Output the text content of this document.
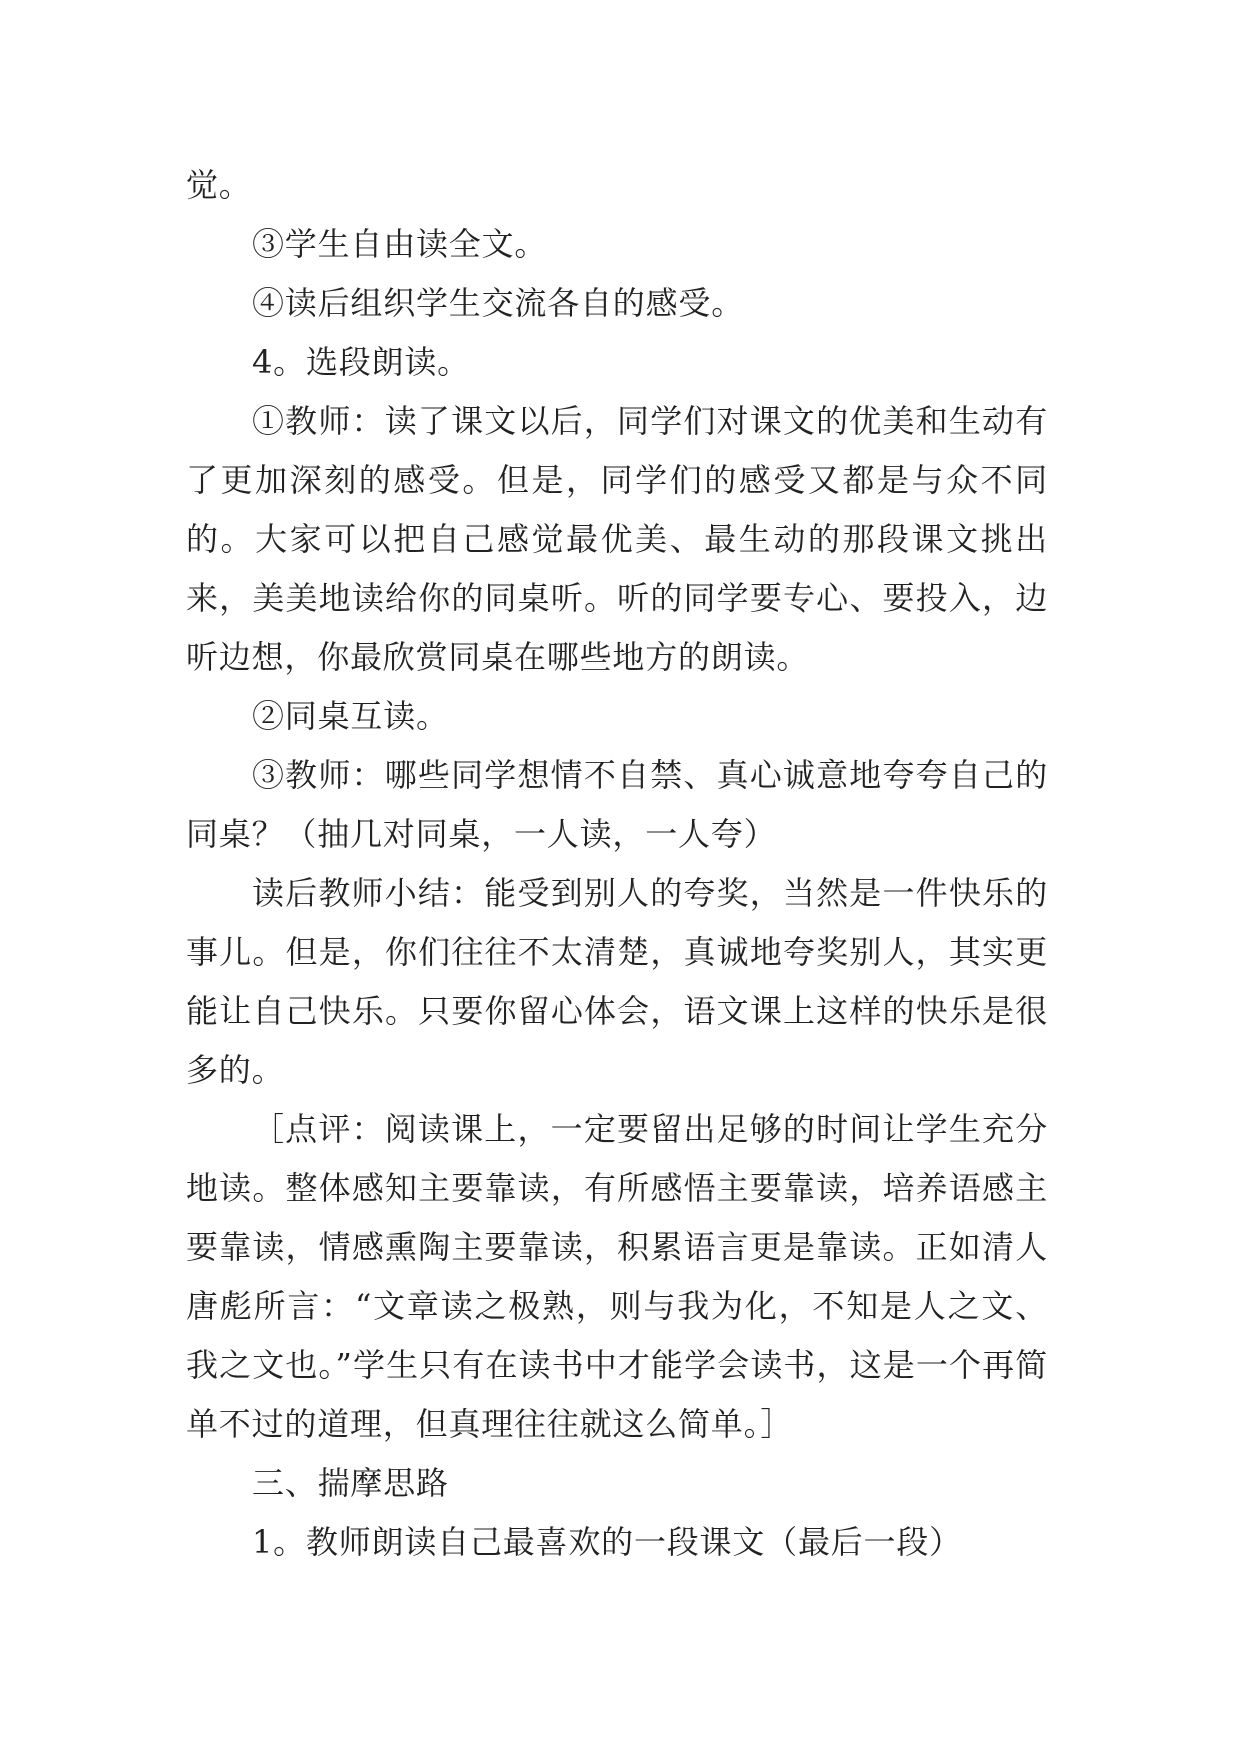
觉。

③学生自由读全文。

④读后组织学生交流各自的感受。

4。选段朗读。

①教师：读了课文以后，同学们对课文的优美和生动有了更加深刻的感受。但是，同学们的感受又都是与众不同的。大家可以把自己感觉最优美、最生动的那段课文挑出来，美美地读给你的同桌听。听的同学要专心、要投入，边听边想，你最欣赏同桌在哪些地方的朗读。

②同桌互读。

③教师：哪些同学想情不自禁、真心诚意地夸夸自己的同桌？（抽几对同桌，一人读，一人夸）

读后教师小结：能受到别人的夸奖，当然是一件快乐的事儿。但是，你们往往不太清楚，真诚地夸奖别人，其实更能让自己快乐。只要你留心体会，语文课上这样的快乐是很多的。

［点评：阅读课上，一定要留出足够的时间让学生充分地读。整体感知主要靠读，有所感悟主要靠读，培养语感主要靠读，情感熏陶主要靠读，积累语言更是靠读。正如清人唐彪所言：“文章读之极熟，则与我为化，不知是人之文、我之文也。”学生只有在读书中才能学会读书，这是一个再简单不过的道理，但真理往往就这么简单。］

三、揣摩思路

1。教师朗读自己最喜欢的一段课文（最后一段）
